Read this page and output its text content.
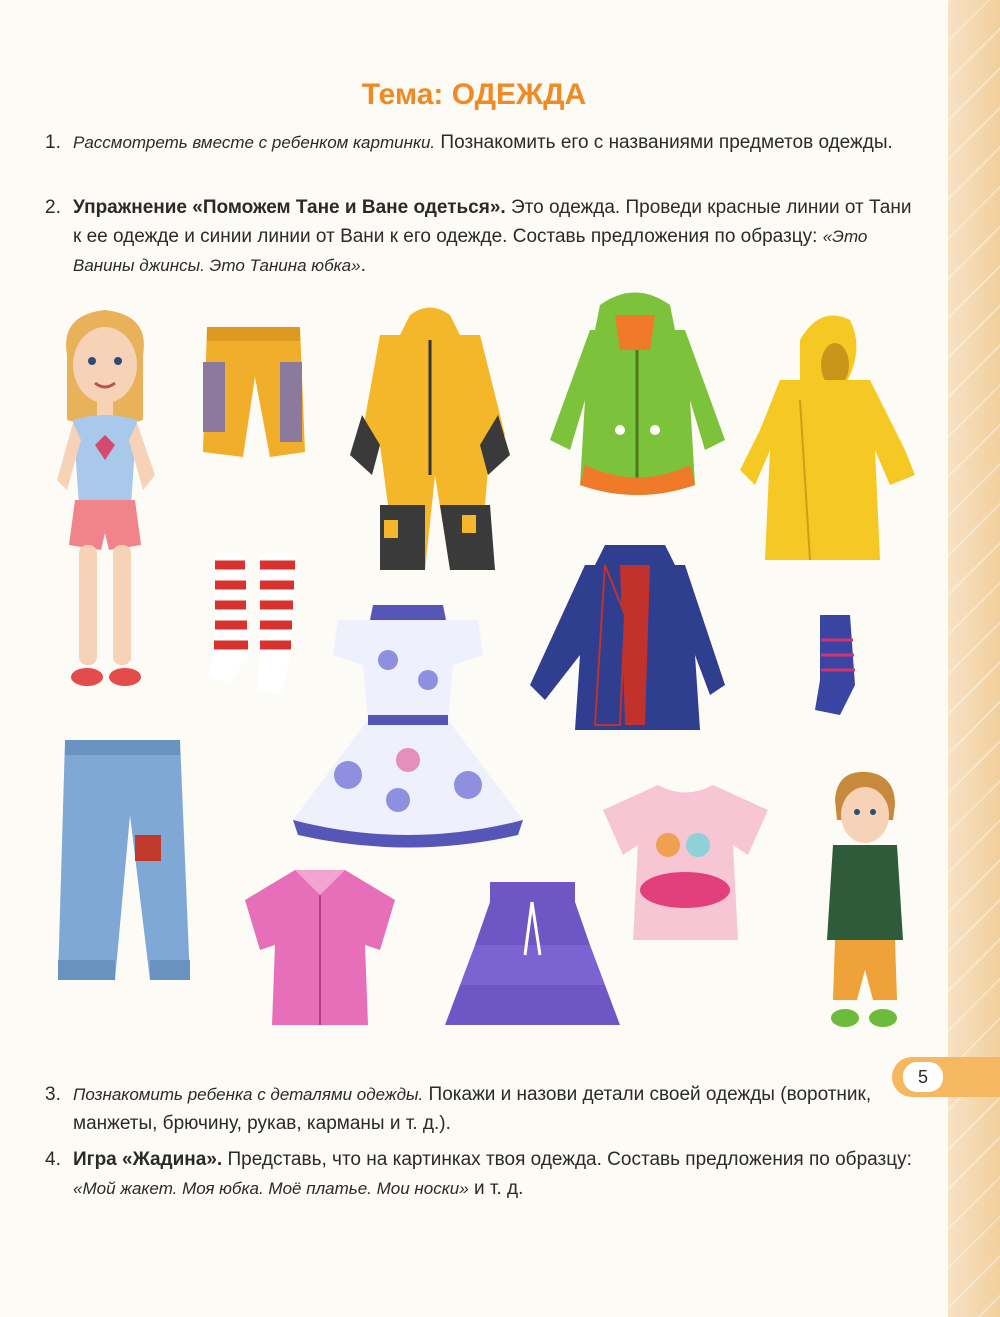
Тема: ОДЕЖДА
1. Рассмотреть вместе с ребенком картинки. Познакомить его с названиями предметов одежды.
2. Упражнение «Поможем Тане и Ване одеться». Это одежда. Проведи красные линии от Тани к ее одежде и синии линии от Вани к его одежде. Составь предложения по образцу: «Это Ванины джинсы. Это Танина юбка».
3. Познакомить ребенка с деталями одежды. Покажи и назови детали своей одежды (воротник, манжеты, брючину, рукав, карманы и т. д.).
4. Игра «Жадина». Представь, что на картинках твоя одежда. Составь предложения по образцу: «Мой жакет. Моя юбка. Моё платье. Мои носки» и т. д.
5
